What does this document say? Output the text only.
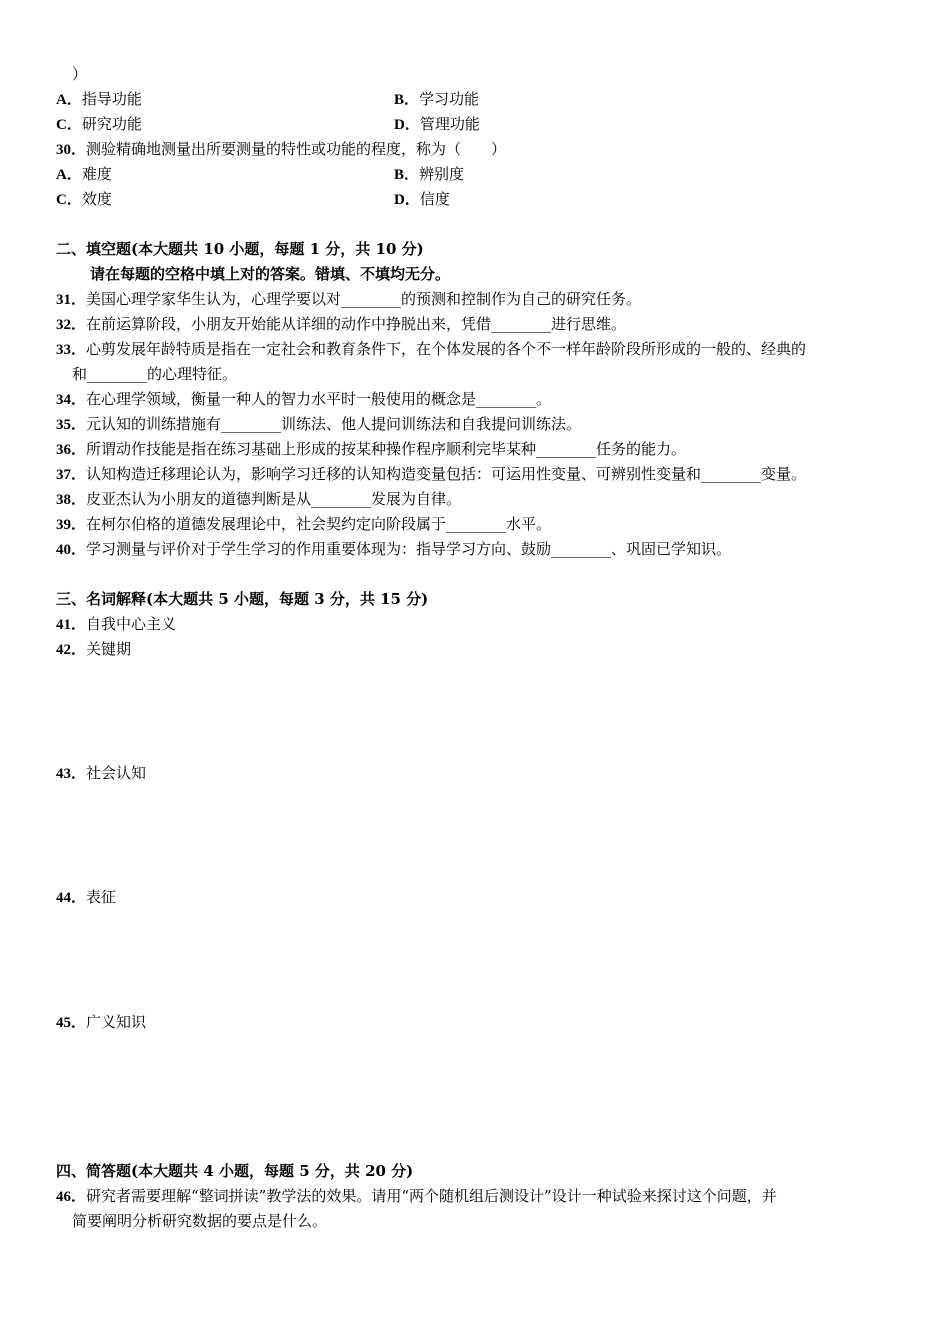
）
A．指导功能	B．学习功能
C．研究功能	D．管理功能
30．测验精确地测量出所要测量的特性或功能的程度，称为（　　）
A．难度	B．辨别度
C．效度	D．信度
二、填空题(本大题共 10 小题，每题 1 分，共 10 分)
请在每题的空格中填上对的答案。错填、不填均无分。
31．美国心理学家华生认为，心理学要以对________的预测和控制作为自己的研究任务。
32．在前运算阶段，小朋友开始能从详细的动作中挣脱出来，凭借________进行思维。
33．心剪发展年龄特质是指在一定社会和教育条件下，在个体发展的各个不一样年龄阶段所形成的一般的、经典的
和________的心理特征。
34．在心理学领域，衡量一种人的智力水平时一般使用的概念是________。
35．元认知的训练措施有________训练法、他人提问训练法和自我提问训练法。
36．所谓动作技能是指在练习基础上形成的按某种操作程序顺利完毕某种________任务的能力。
37．认知构造迁移理论认为，影响学习迁移的认知构造变量包括：可运用性变量、可辨别性变量和________变量。
38．皮亚杰认为小朋友的道德判断是从________发展为自律。
39．在柯尔伯格的道德发展理论中，社会契约定向阶段属于________水平。
40．学习测量与评价对于学生学习的作用重要体现为：指导学习方向、鼓励________、巩固已学知识。
三、名词解释(本大题共 5 小题，每题 3 分，共 15 分)
41．自我中心主义
42．关键期
43．社会认知
44．表征
45．广义知识
四、简答题(本大题共 4 小题，每题 5 分，共 20 分)
46．研究者需要理解“整词拼读”教学法的效果。请用“两个随机组后测设计”设计一种试验来探讨这个问题，并
简要阐明分析研究数据的要点是什么。
